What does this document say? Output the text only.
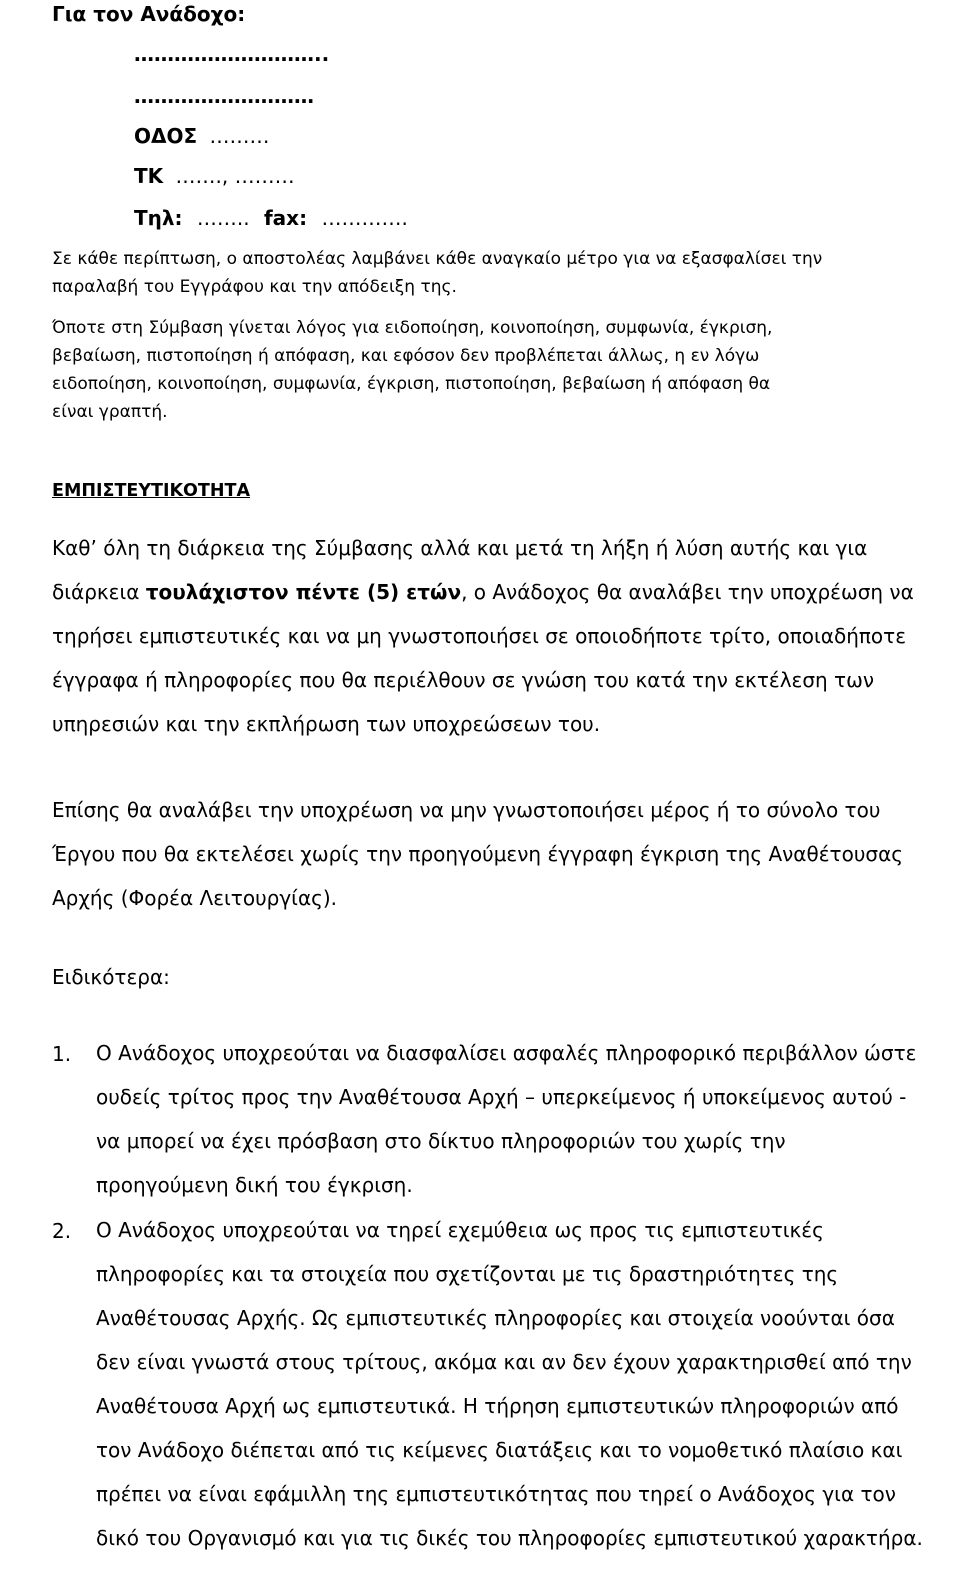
Για τον Ανάδοχο:
………………………..
………………………
ΟΔΟΣ ………
ΤΚ ……., ………
Τηλ: …….. fax: ………….
Σε κάθε περίπτωση, ο αποστολέας λαμβάνει κάθε αναγκαίο μέτρο για να εξασφαλίσει την
παραλαβή του Εγγράφου και την απόδειξη της.
Όποτε στη Σύμβαση γίνεται λόγος για ειδοποίηση, κοινοποίηση, συμφωνία, έγκριση,
βεβαίωση, πιστοποίηση ή απόφαση, και εφόσον δεν προβλέπεται άλλως, η εν λόγω
ειδοποίηση, κοινοποίηση, συμφωνία, έγκριση, πιστοποίηση, βεβαίωση ή απόφαση θα
είναι γραπτή.
ΕΜΠΙΣΤΕΥΤΙΚΟΤΗΤΑ
Καθ’ όλη τη διάρκεια της Σύμβασης αλλά και μετά τη λήξη ή λύση αυτής και για
διάρκεια τουλάχιστον πέντε (5) ετών, ο Ανάδοχος θα αναλάβει την υποχρέωση να
τηρήσει εμπιστευτικές και να μη γνωστοποιήσει σε οποιοδήποτε τρίτο, οποιαδήποτε
έγγραφα ή πληροφορίες που θα περιέλθουν σε γνώση του κατά την εκτέλεση των
υπηρεσιών και την εκπλήρωση των υποχρεώσεων του.
Επίσης θα αναλάβει την υποχρέωση να μην γνωστοποιήσει μέρος ή το σύνολο του
Έργου που θα εκτελέσει χωρίς την προηγούμενη έγγραφη έγκριση της Αναθέτουσας
Αρχής (Φορέα Λειτουργίας).
Ειδικότερα:
1. Ο Ανάδοχος υποχρεούται να διασφαλίσει ασφαλές πληροφορικό περιβάλλον ώστε
ουδείς τρίτος προς την Αναθέτουσα Αρχή – υπερκείμενος ή υποκείμενος αυτού -
να μπορεί να έχει πρόσβαση στο δίκτυο πληροφοριών του χωρίς την
προηγούμενη δική του έγκριση.
2. Ο Ανάδοχος υποχρεούται να τηρεί εχεμύθεια ως προς τις εμπιστευτικές
πληροφορίες και τα στοιχεία που σχετίζονται με τις δραστηριότητες της
Αναθέτουσας Αρχής. Ως εμπιστευτικές πληροφορίες και στοιχεία νοούνται όσα
δεν είναι γνωστά στους τρίτους, ακόμα και αν δεν έχουν χαρακτηρισθεί από την
Αναθέτουσα Αρχή ως εμπιστευτικά. Η τήρηση εμπιστευτικών πληροφοριών από
τον Ανάδοχο διέπεται από τις κείμενες διατάξεις και το νομοθετικό πλαίσιο και
πρέπει να είναι εφάμιλλη της εμπιστευτικότητας που τηρεί ο Ανάδοχος για τον
δικό του Οργανισμό και για τις δικές του πληροφορίες εμπιστευτικού χαρακτήρα.
